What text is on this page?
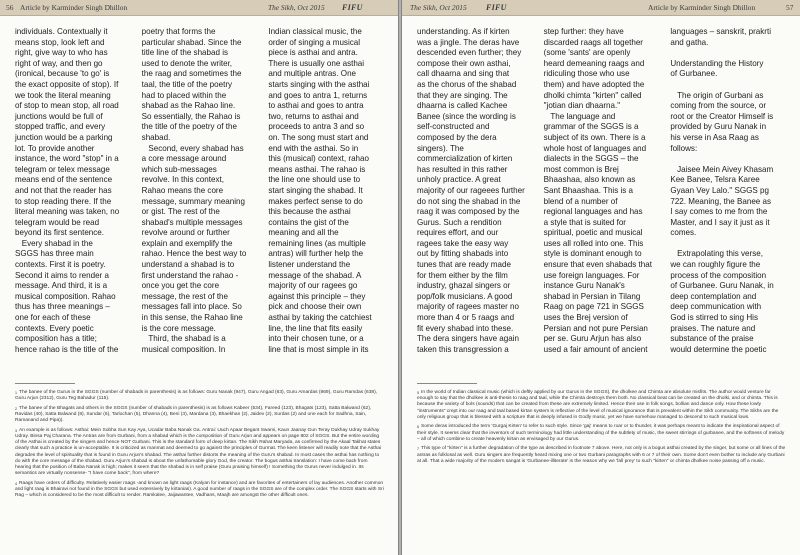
56 Article by Karminder Singh Dhillon	The Sikh, Oct 2015 FIFU
individuals. Contextually it
means stop, look left and
right, give way to who has
right of way, and then go
(ironical, because 'to go' is
the exact opposite of stop). If
we took the literal meaning
of stop to mean stop, all road
junctions would be full of
stopped traffic, and every
junction would be a parking
lot. To provide another
instance, the word "stop" in a
telegram or telex message
means end of the sentence
and not that the reader has
to stop reading there. If the
literal meaning was taken, no
telegram would be read
beyond its first sentence.
Every shabad in the
SGGS has three main
contexts. First it is poetry.
Second it aims to render a
message. And third, it is a
musical composition. Rahao
thus has three meanings –
one for each of these
contexts. Every poetic
composition has a title;
hence rahao is the title of the
poetry that forms the
particular shabad. Since the
title line of the shabad is
used to denote the writer,
the raag and sometimes the
taal, the title of the poetry
had to placed within the
shabad as the Rahao line.
So essentially, the Rahao is
the title of the poetry of the
shabad.
Second, every shabad has
a core message around
which sub-messages
revolve. In this context,
Rahao means the core
message, summary meaning
or gist. The rest of the
shabad's multiple messages
revolve around or further
explain and exemplify the
rahao. Hence the best way to
understand a shabad is to
first understand the rahao -
once you get the core
message, the rest of the
messages fall into place. So
in this sense, the Rahao line
is the core message.
Third, the shabad is a
musical composition. In
Indian classical music, the
order of singing a musical
piece is asthai and antra.
There is usually one asthai
and multiple antras. One
starts singing with the asthai
and goes to antra 1, returns
to asthai and goes to antra
two, returns to asthai and
proceeds to antra 3 and so
on. The song must start and
end with the asthai. So in
this (musical) context, rahao
means asthai. The rahao is
the line one should use to
start singing the shabad. It
makes perfect sense to do
this because the asthai
contains the gist of the
meaning and all the
remaining lines (as multiple
antras) will further help the
listener understand the
message of the shabad. A
majority of our ragees go
against this principle – they
pick and choose their own
asthai by taking the catchiest
line, the line that fits easily
into their chosen tune, or a
line that is most simple in its
$^1$ The banee of the Gurus in the SGGS (number of shabads in parenthesis) is as follows: Guru Nanak (947), Guru Angad (63), Guru Amardas (869), Guru Ramdas (638), Guru Arjun (2312), Guru Teg Bahadur (115).
$^2$ The banee of the Bhagats and others in the SGGS (number of shabads in parenthesis) is as follows Kabeer (534), Fareed (123), Bhagats (123), Satta Balwand (62), Ravidas (40), Satta Balwand (8), Sundar (6), Tarlochan (5), Dhanna (4), Beni (3), Mardana (3), Bhaekhan (2), Jaidev (2), Surdas (2) and one each for Sadhna, Sain, Ramanand and Pipa)).
$^3$ An example is as follows: Asthai: Mein Sobha Sun Kay Aya, Ucadar Baba Nanak Ga. Antrai: Uuch Apaar Begant Swami, Kaun Jaanay Gun Teray Dukhay Udray Sukhay Udray. Binsa Paj Charana. The Antras are from Gurbani, from a shabad which is the composition of Guru Arjun and appears on page 802 of SGGS. But the entire wording of the Asthai is created by the singers and hence NOT Gurbani. This is the standard form of deep kirtan. The Sikh Rahat Maryada, as confirmed by the Akaal Takhat states clearly that such a practice is un-acceptable. It is criticized as manmat and deemed to go against the principles of Gurmat. The keen listener will readily note that the Asthai degrades the level of spirituality that is found in Guru Arjun's shabad. The asthai further distorts the meaning of the Guru's shabad. In most cases the asthai has nothing to do with the core message of the shabad. Guru Arjun's shabad is about the unfathomable glory God, the creator. The bogus asthai translation: I have come back from hearing that the position of Baba Nanak is high; makes it seem that the shabad is in self praise (Guru praising himself) ! Something the Gurus never indulged in. Its semantics are virtually nonsense- "I have come back", from where?
$^4$ Raags have orders of difficulty. Relatively easier raags -and known as light raags (Kalyan for instance) and are favorites of entertainers of lay audiences. Another common and light raag is Bhairavi not found in the SGGS but used extensively by kirtanias). A good number of raags in the SGGS are of the complex order. The SGGS starts with Sri Rag – which is considered to be the most difficult to render. Ramkalee, Jaijawantee, Vadhans, Maajh are amongst the other difficult ones.
The Sikh, Oct 2015 FIFU	Article by Karminder Singh Dhillon	57
understanding. As if kirten
was a jingle. The deras have
descended even further; they
compose their own asthai,
call dhaarna and sing that
as the chorus of the shabad
that they are singing. The
dhaarna is called Kachee
Banee (since the wording is
self-constructed and
composed by the dera
singers). The
commercialization of kirten
has resulted in this rather
unholy practice. A great
majority of our rageees further
do not sing the shabad in the
raag it was composed by the
Gurus. Such a rendition
requires effort, and our
ragees take the easy way
out by fitting shabads into
tunes that are ready made
for them either by the film
industry, ghazal singers or
pop/folk musicians. A good
majority of ragees master no
more than 4 or 5 raags and
fit every shabad into these.
The dera singers have again
taken this transgression a
step further: they have
discarded raags all together
(some 'sants' are openly
heard demeaning raags and
ridiculing those who use
them) and have adopted the
dholki chimta "kirten" called
"jotian dian dhaarna."
The language and
grammar of the SGGS is a
subject of its own. There is a
whole host of languages and
dialects in the SGGS – the
most common is Brej
Bhaashaa, also known as
Sant Bhaashaa. This is a
blend of a number of
regional languages and has
a style that is suited for
spiritual, poetic and musical
uses all rolled into one. This
style is dominant enough to
ensure that even shabads that
use foreign languages. For
instance Guru Nanak's
shabad in Persian in Tilang
Raag on page 721 in SGGS
uses the Brej version of
Persian and not pure Persian
per se. Guru Arjun has also
used a fair amount of ancient
languages – sanskrit, prakrti
and gatha.

Understanding the History
of Gurbanee.

The origin of Gurbani as
coming from the source, or
root or the Creator Himself is
provided by Guru Nanak in
his verse in Asa Raag as
follows:

Jaisee Mein Aivey Khasam
Kee Banee, Telsra Karee
Gyaan Vey Lalo." SGGS pg
722. Meaning, the Banee as
I say comes to me from the
Master, and I say it just as it
comes.

Extrapolating this verse,
we can roughly figure the
process of the composition
of Gurbanee. Guru Nanak, in
deep contemplation and
deep communication with
God is stirred to sing His
praises. The nature and
substance of the praise
would determine the poetic
$^5$ In the world of Indian classical music (which is deftly applied by our Gurus in the SGGS), the dholkee and Chimta are absolute misfits. The author would venture far enough to say that the dholkee is anti-thesis to raag and taal, while the Chimta destroys them both. No classical beat can be created on the dholki, and or chimta. This is because the variety of bols (sounds) that can be created from these are extremely limited. Hence their use in folk songs, bollian and dance only. How these lowly "instruments" crept into our raag and taal based kirtan system is reflective of the level of musical ignorance that is prevalent within the Sikh community. The Sikhs are the only religious group that is blessed with a scripture that is deeply infused in Godly music, yet we have somehow managed to descend to such musical lows.
$^6$ Some deras introduced the term 'Gurgaj Kirten' to refer to such style. Since 'gaj' means to roar or to thunder, it was perhaps meant to indicate the inspirational aspect of their style. It seems clear that the inventors of such terminology had little understanding of the subtlety of music, the sweet stirrings of gurbanee, and the softness of melody – all of which combine to create heavenly kirtan as envisaged by our Gurus.
$^7$ This type of "kirten" is a further degradation of the type as described in footnote 7 above. Here, not only is a bogus asthai created by the singer, but some or all lines of the antras as folklosal as well. Guru singers are frequently heard mixing one or two Gurbani paragraphs with 6 or 7 of their own. Some don't even bother to include any Gurbani at all. That a wide majority of the modern sangat is 'Gurbanee-illiterate' is the reason why we 'fall prey' to such "kirten" or chimta dholkee noise passing off a music.
